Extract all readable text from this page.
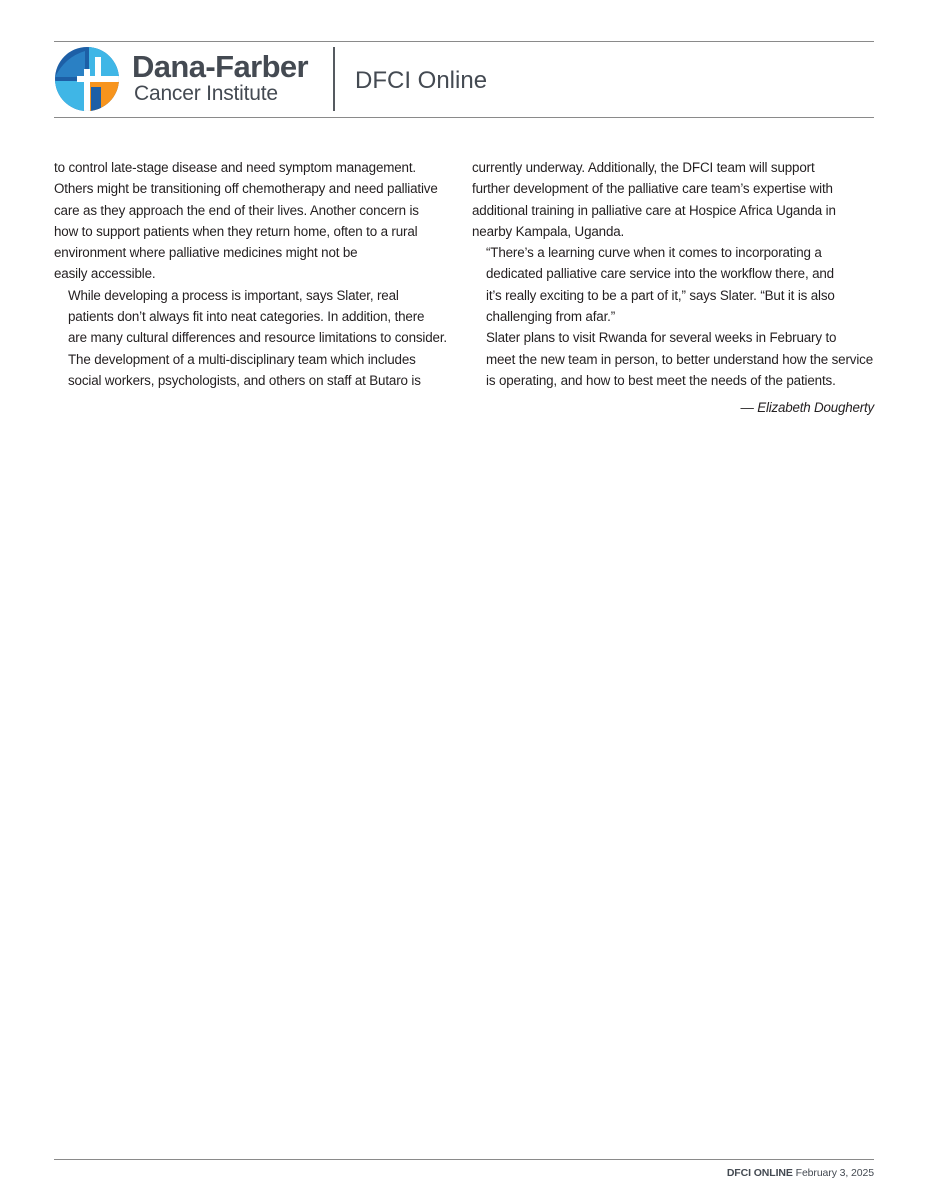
Dana-Farber
Cancer Institute	DFCI Online

to control late-stage disease and need symptom management.
Others might be transitioning off chemotherapy and need palliative
care as they approach the end of their lives. Another concern is
how to support patients when they return home, often to a rural
environment where palliative medicines might not be
easily accessible.

While developing a process is important, says Slater, real
patients don’t always fit into neat categories. In addition, there
are many cultural differences and resource limitations to consider.

The development of a multi-disciplinary team which includes
social workers, psychologists, and others on staff at Butaro is

currently underway. Additionally, the DFCI team will support
further development of the palliative care team’s expertise with
additional training in palliative care at Hospice Africa Uganda in
nearby Kampala, Uganda.

“There’s a learning curve when it comes to incorporating a
dedicated palliative care service into the workflow there, and
it’s really exciting to be a part of it,” says Slater. “But it is also
challenging from afar.”

Slater plans to visit Rwanda for several weeks in February to
meet the new team in person, to better understand how the service
is operating, and how to best meet the needs of the patients.

— Elizabeth Dougherty
DFCI ONLINE February 3, 2025
